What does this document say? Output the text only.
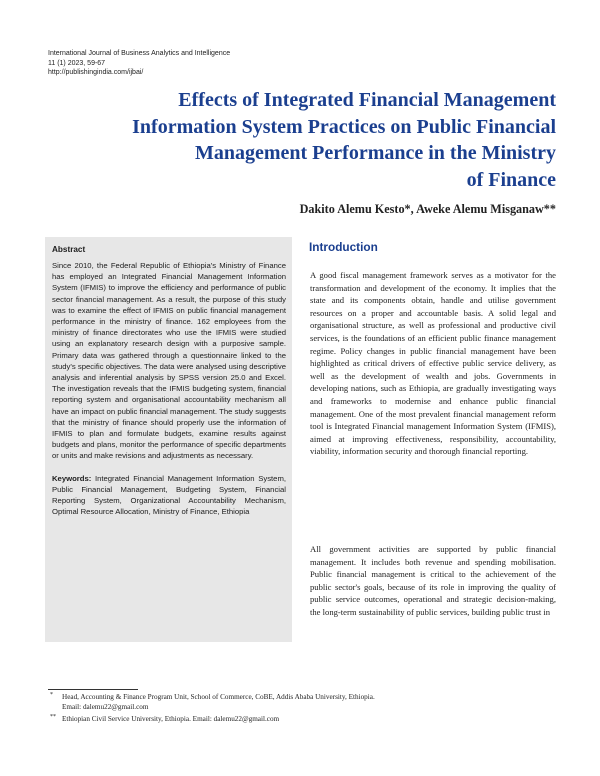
International Journal of Business Analytics and Intelligence
11 (1) 2023, 59-67
http://publishingindia.com/ijbai/
Effects of Integrated Financial Management
Information System Practices on Public Financial
Management Performance in the Ministry
of Finance
Dakito Alemu Kesto*, Aweke Alemu Misganaw**
Abstract

Since 2010, the Federal Republic of Ethiopia's Ministry of Finance has employed an Integrated Financial Management Information System (IFMIS) to improve the efficiency and performance of public sector financial management. As a result, the purpose of this study was to examine the effect of IFMIS on public financial management performance in the ministry of finance. 162 employees from the ministry of finance directorates who use the IFMIS were studied using an explanatory research design with a purposive sample. Primary data was gathered through a questionnaire linked to the study's specific objectives. The data were analysed using descriptive analysis and inferential analysis by SPSS version 25.0 and Excel. The investigation reveals that the IFMIS budgeting system, financial reporting system and organisational accountability mechanism all have an impact on public financial management. The study suggests that the ministry of finance should properly use the information of IFMIS to plan and formulate budgets, examine results against budgets and plans, monitor the performance of specific departments or units and make revisions and adjustments as necessary.

Keywords: Integrated Financial Management Information System, Public Financial Management, Budgeting System, Financial Reporting System, Organizational Accountability Mechanism, Optimal Resource Allocation, Ministry of Finance, Ethiopia

Introduction

A good fiscal management framework serves as a motivator for the transformation and development of the economy. It implies that the state and its components obtain, handle and utilise government resources on a proper and accountable basis. A solid legal and organisational structure, as well as professional and productive civil services, is the foundations of an efficient public finance management regime. Policy changes in public financial management have been highlighted as critical drivers of effective public service delivery, as well as the development of wealth and jobs. Governments in developing nations, such as Ethiopia, are gradually investigating ways and frameworks to modernise and enhance public financial management. One of the most prevalent financial management reform tool is Integrated Financial management Information System (IFMIS), aimed at improving effectiveness, responsibility, accountability, viability, information security and thorough financial reporting.

All government activities are supported by public financial management. It includes both revenue and spending mobilisation. Public financial management is critical to the achievement of the public sector's goals, because of its role in improving the quality of public service outcomes, operational and strategic decision-making, the long-term sustainability of public services, building public trust in

* Head, Accounting & Finance Program Unit, School of Commerce, CoBE, Addis Ababa University, Ethiopia.
Email: dalemu22@gmail.com
** Ethiopian Civil Service University, Ethiopia. Email: dalemu22@gmail.com
